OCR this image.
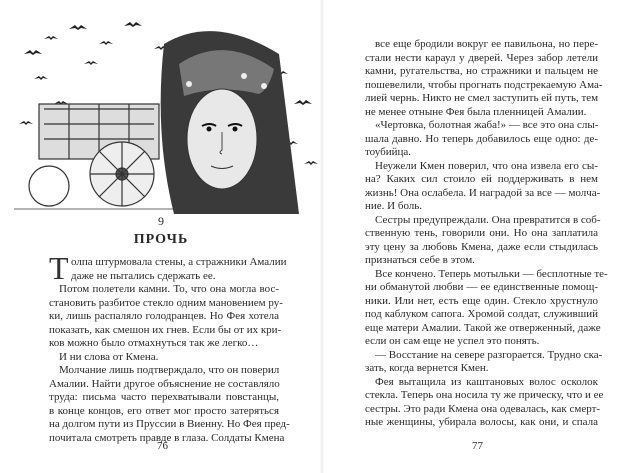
9
ПРОЧЬ
Т олпа штурмовала стены, а стражники Амалии
даже не пытались сдержать ее.
Потом полетели камни. То, что она могла вос-
становить разбитое стекло одним мановением ру-
ки, лишь распаляло голодранцев. Но Фея хотела
показать, как смешон их гнев. Если бы от их кри-
ков можно было отмахнуться так же легко…
И ни слова от Кмена.
Молчание лишь подтверждало, что он поверил
Амалии. Найти другое объяснение не составляло
труда: письма часто перехватывали повстанцы,
в конце концов, его ответ мог просто затеряться
на долгом пути из Пруссии в Виенну. Но Фея пред-
почитала смотреть правде в глаза. Солдаты Кмена
76
все еще бродили вокруг ее павильона, но пере-
стали нести караул у дверей. Через забор летели
камни, ругательства, но стражники и пальцем не
пошевелили, чтобы прогнать подстрекаемую Ама-
лией чернь. Никто не смел заступить ей путь, тем
не менее отныне Фея была пленницей Амалии.
«Чертовка, болотная жаба!» — все это она слы-
шала давно. Но теперь добавилось еще одно: де-
тоубийца.
Неужели Кмен поверил, что она извела его сы-
на? Каких сил стоило ей поддерживать в нем
жизнь! Она ослабела. И наградой за все — молча-
ние. И боль.
Сестры предупреждали. Она превратится в соб-
ственную тень, говорили они. Но она заплатила
эту цену за любовь Кмена, даже если стыдилась
признаться себе в этом.
Все кончено. Теперь мотыльки — бесплотные те-
ни обманутой любви — ее единственные помощ-
ники. Или нет, есть еще один. Стекло хрустнуло
под каблуком сапога. Хромой солдат, служивший
еще матери Амалии. Такой же отверженный, даже
если он сам еще не успел это понять.
— Восстание на севере разгорается. Трудно ска-
зать, когда вернется Кмен.
Фея вытащила из каштановых волос осколок
стекла. Теперь она носила ту же прическу, что и ее
сестры. Это ради Кмена она одевалась, как смерт-
ные женщины, убирала волосы, как они, и спала
77
